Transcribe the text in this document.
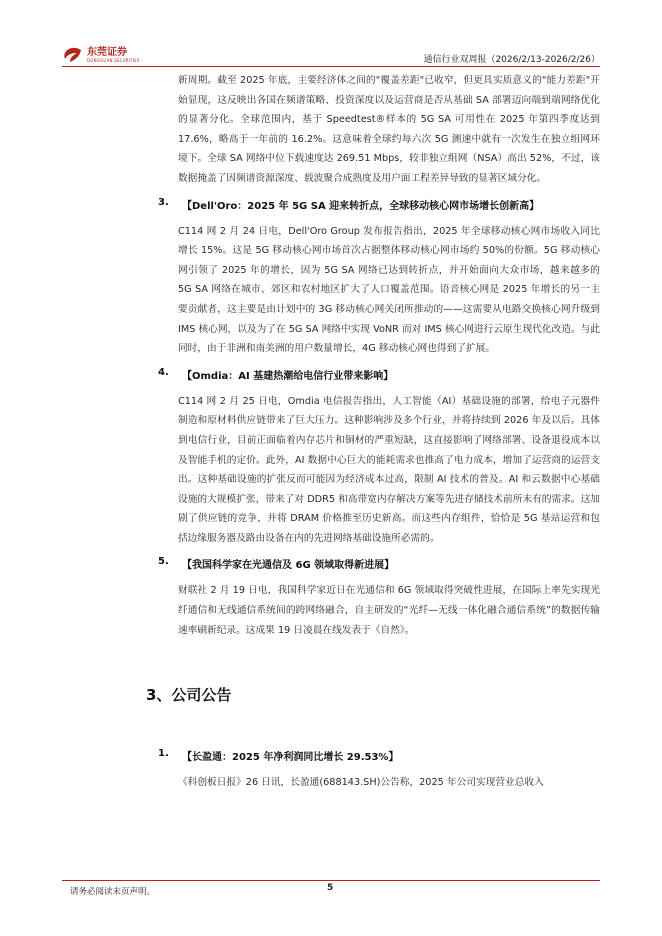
东莞证券
DONGGUAN SECURITIES	通信行业双周报（2026/2/13-2026/2/26）

新周期。截至 2025 年底，主要经济体之间的"覆盖差距"已收窄，但更具实质意义的"能力差距"开始显现，这反映出各国在频谱策略、投资深度以及运营商是否从基础 SA 部署迈向端到端网络优化的显著分化。全球范围内，基于 Speedtest®样本的 5G SA 可用性在 2025 年第四季度达到 17.6%，略高于一年前的 16.2%。这意味着全球约每六次 5G 测速中就有一次发生在独立组网环境下。全球 SA 网络中位下载速度达 269.51 Mbps，较非独立组网（NSA）高出 52%，不过，该数据掩盖了因频谱资源深度、载波聚合成熟度及用户面工程差异导致的显著区域分化。

3. 【Dell'Oro：2025 年 5G SA 迎来转折点，全球移动核心网市场增长创新高】

C114 网 2 月 24 日电，Dell'Oro Group 发布报告指出，2025 年全球移动核心网市场收入同比增长 15%。这是 5G 移动核心网市场首次占据整体移动核心网市场约 50%的份额。5G 移动核心网引领了 2025 年的增长，因为 5G SA 网络已达到转折点，并开始面向大众市场，越来越多的 5G SA 网络在城市、郊区和农村地区扩大了人口覆盖范围。语音核心网是 2025 年增长的另一主要贡献者，这主要是由计划中的 3G 移动核心网关闭所推动的——这需要从电路交换核心网升级到 IMS 核心网，以及为了在 5G SA 网络中实现 VoNR 而对 IMS 核心网进行云原生现代化改造。与此同时，由于非洲和南美洲的用户数量增长，4G 移动核心网也得到了扩展。

4. 【Omdia：AI 基建热潮给电信行业带来影响】

C114 网 2 月 25 日电，Omdia 电信报告指出，人工智能（AI）基础设施的部署，给电子元器件制造和原材料供应链带来了巨大压力。这种影响涉及多个行业，并将持续到 2026 年及以后。具体到电信行业，目前正面临着内存芯片和铜材的严重短缺，这直接影响了网络部署、设备退役成本以及智能手机的定价。此外，AI 数据中心巨大的能耗需求也推高了电力成本，增加了运营商的运营支出。这种基础设施的扩张反而可能因为经济成本过高，限制 AI 技术的普及。AI 和云数据中心基础设施的大规模扩张，带来了对 DDR5 和高带宽内存解决方案等先进存储技术前所未有的需求。这加剧了供应链的竞争，并将 DRAM 价格推至历史新高。而这些内存组件，恰恰是 5G 基站运营和包括边缘服务器及路由设备在内的先进网络基础设施所必需的。

5. 【我国科学家在光通信及 6G 领域取得新进展】

财联社 2 月 19 日电，我国科学家近日在光通信和 6G 领域取得突破性进展，在国际上率先实现光纤通信和无线通信系统间的跨网络融合，自主研发的“光纤—无线一体化融合通信系统”的数据传输速率刷新纪录。这成果 19 日凌晨在线发表于《自然》。

3、公司公告
1. 【长盈通：2025 年净利润同比增长 29.53%】

《科创板日报》26 日讯，长盈通(688143.SH)公告称，2025 年公司实现营业总收入

请务必阅读末页声明。	5
